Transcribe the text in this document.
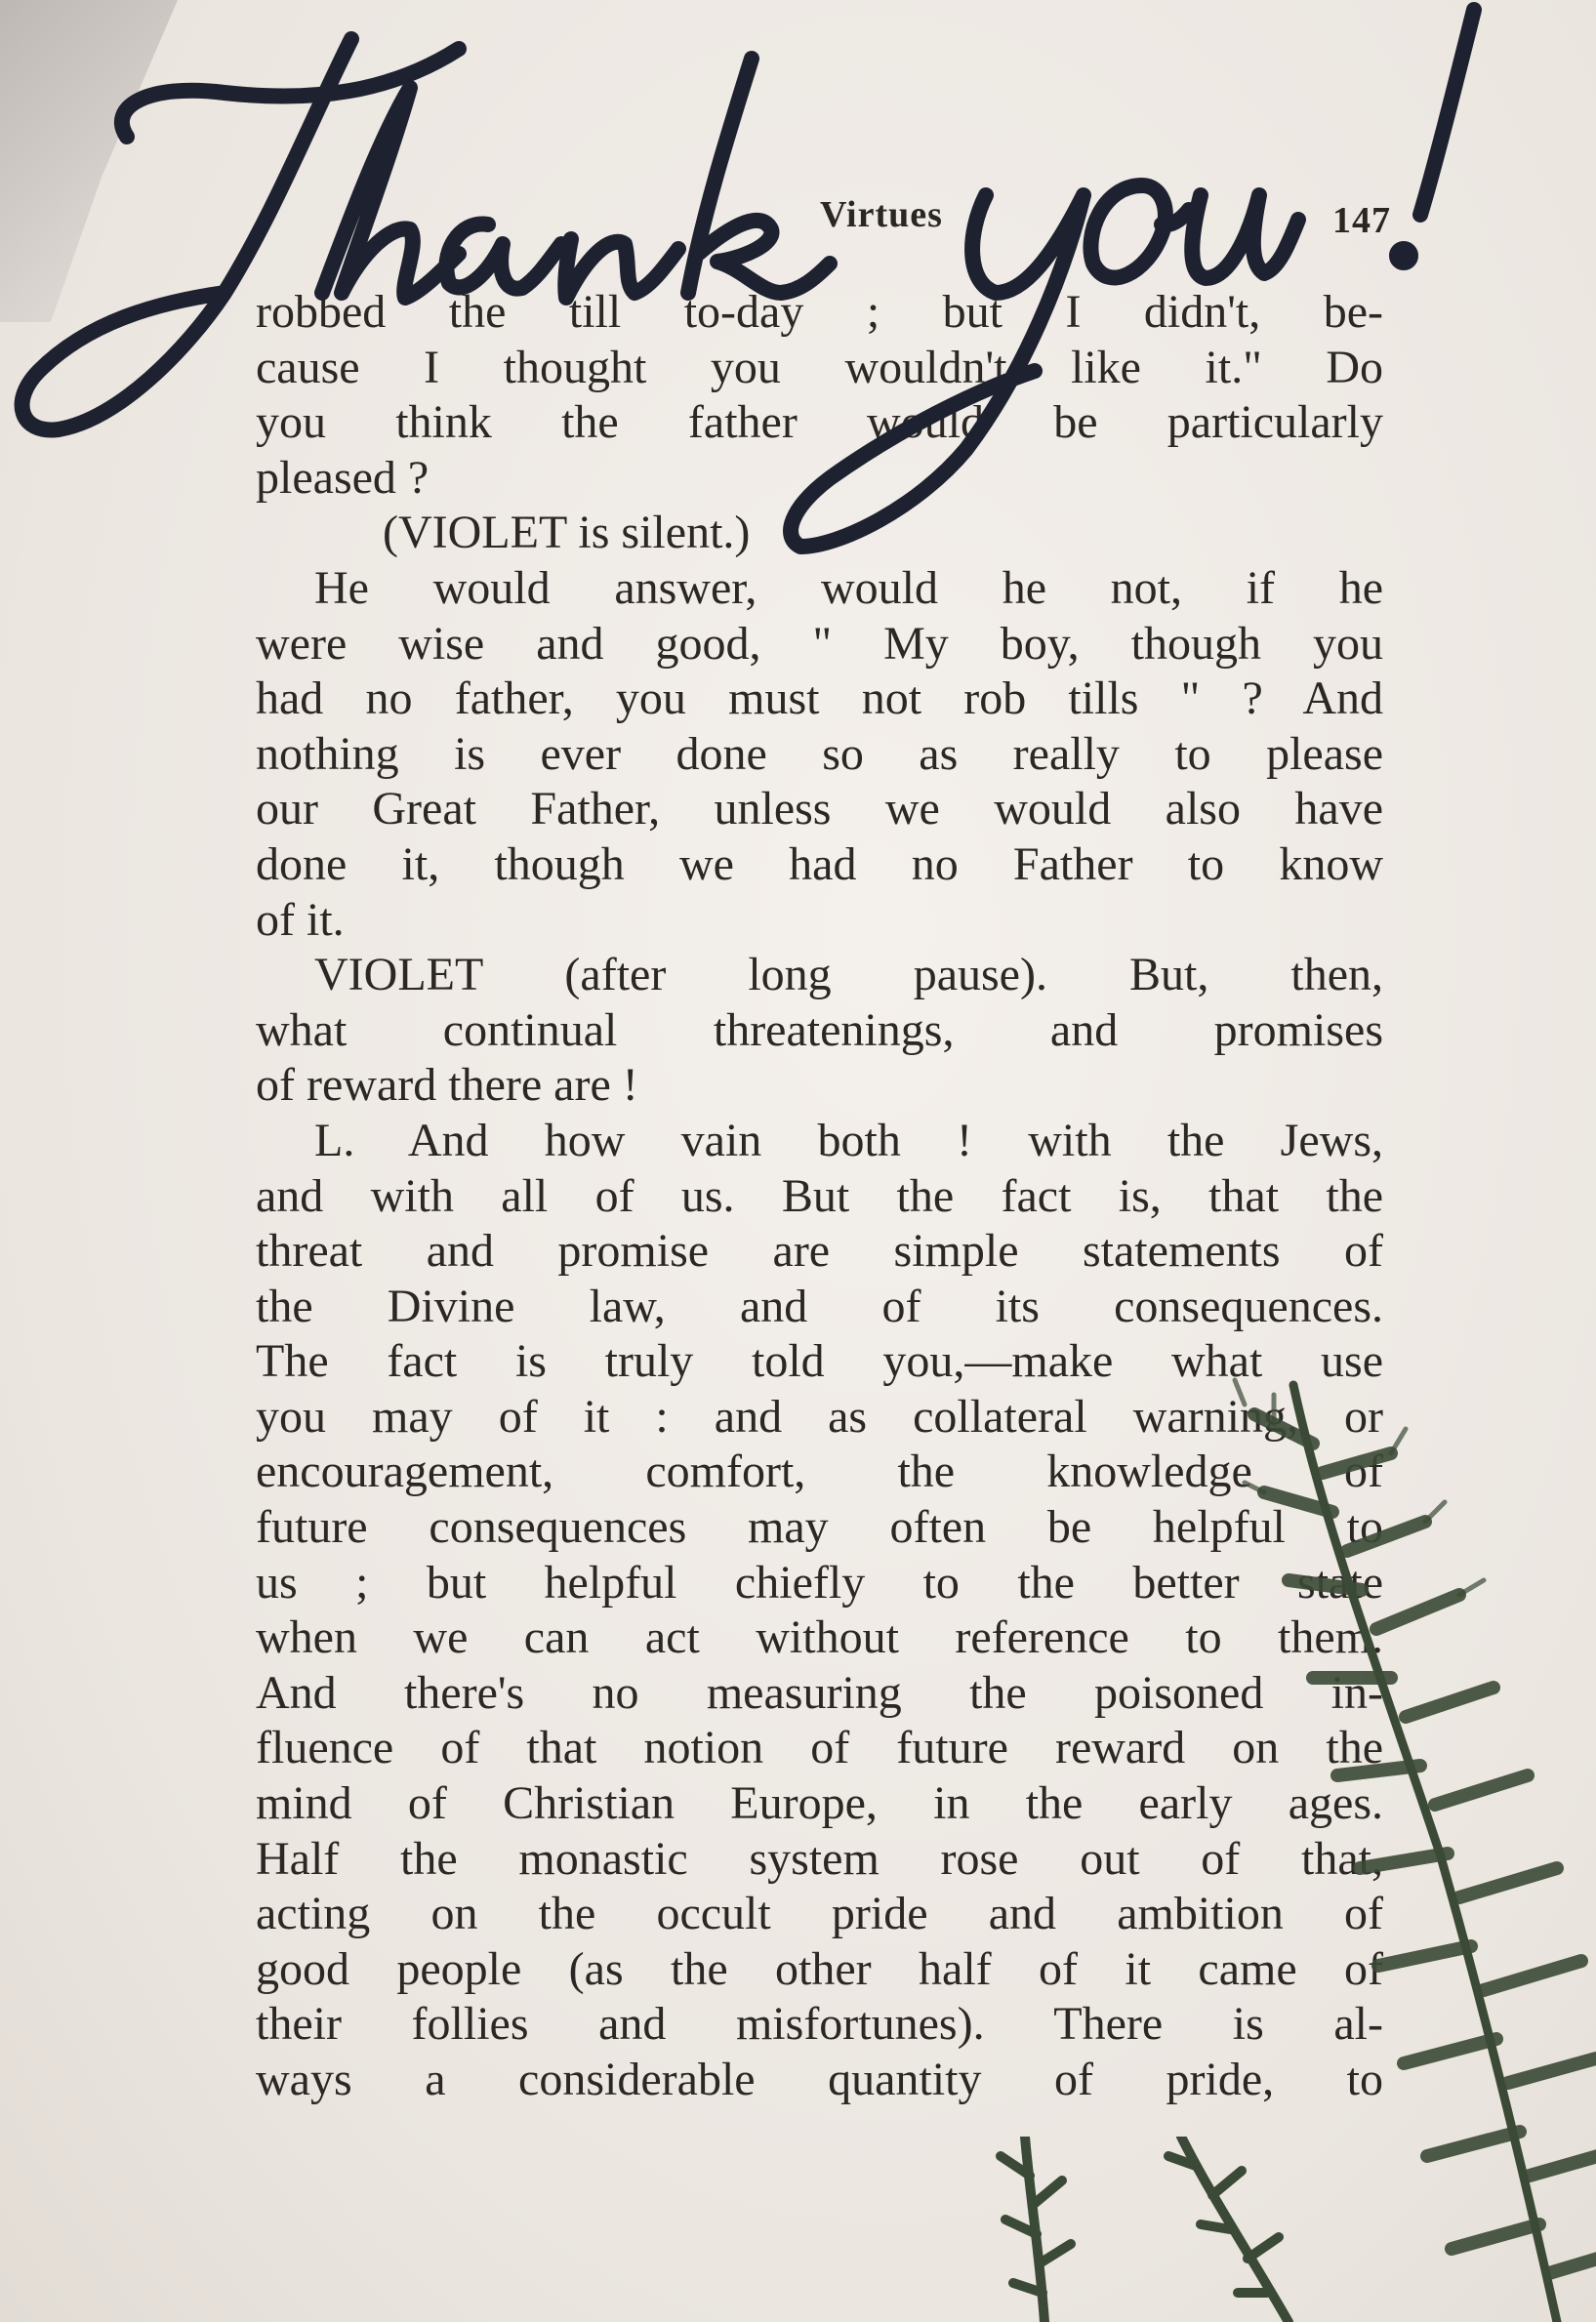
Virtues	147
robbed the till to-day ; but I didn't, be-
cause I thought you wouldn't like it." Do
you think the father would be particularly
pleased ?
(VIOLET is silent.)
He would answer, would he not, if he
were wise and good, " My boy, though you
had no father, you must not rob tills " ? And
nothing is ever done so as really to please
our Great Father, unless we would also have
done it, though we had no Father to know
of it.
VIOLET (after long pause). But, then,
what continual threatenings, and promises
of reward there are !
L. And how vain both ! with the Jews,
and with all of us. But the fact is, that the
threat and promise are simple statements of
the Divine law, and of its consequences.
The fact is truly told you,—make what use
you may of it : and as collateral warning, or
encouragement, comfort, the knowledge of
future consequences may often be helpful to
us ; but helpful chiefly to the better state
when we can act without reference to them.
And there's no measuring the poisoned in-
fluence of that notion of future reward on the
mind of Christian Europe, in the early ages.
Half the monastic system rose out of that,
acting on the occult pride and ambition of
good people (as the other half of it came of
their follies and misfortunes). There is al-
ways a considerable quantity of pride, to
